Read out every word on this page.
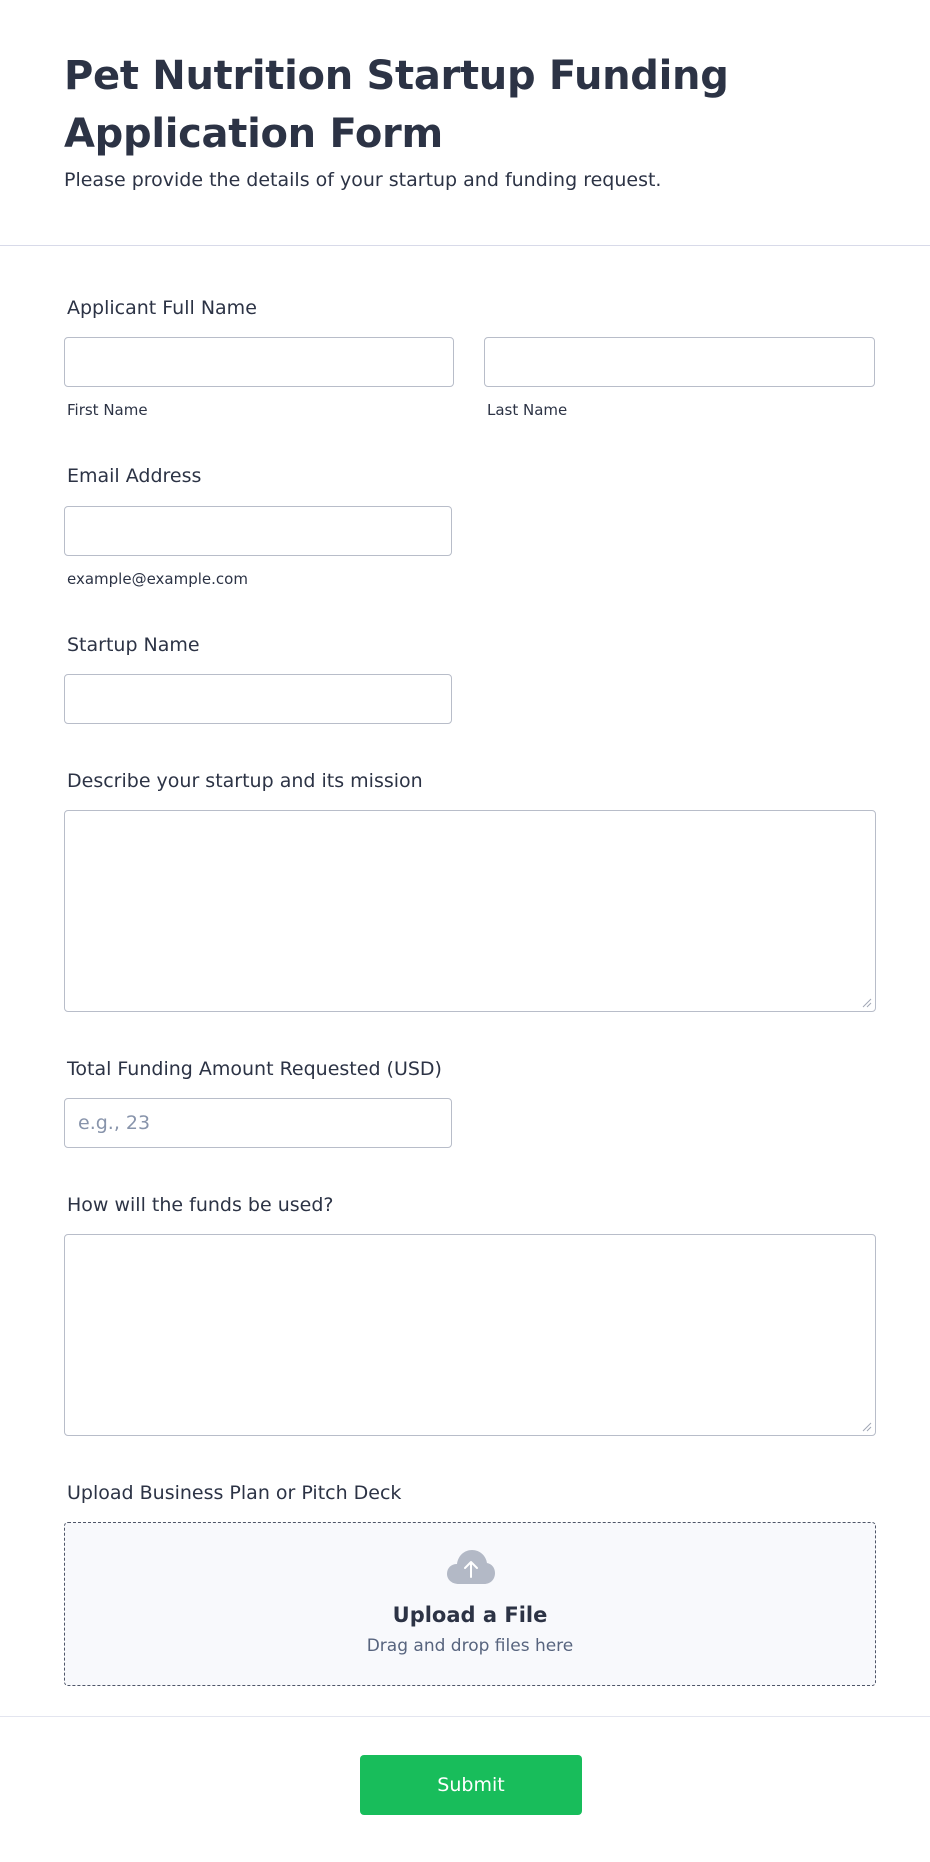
Pet Nutrition Startup Funding Application Form

Please provide the details of your startup and funding request.

Applicant Full Name
First Name	Last Name
Email Address
example@example.com
Startup Name
Describe your startup and its mission
Total Funding Amount Requested (USD)
e.g., 23
How will the funds be used?
Upload Business Plan or Pitch Deck
Upload a File
Drag and drop files here
Submit
